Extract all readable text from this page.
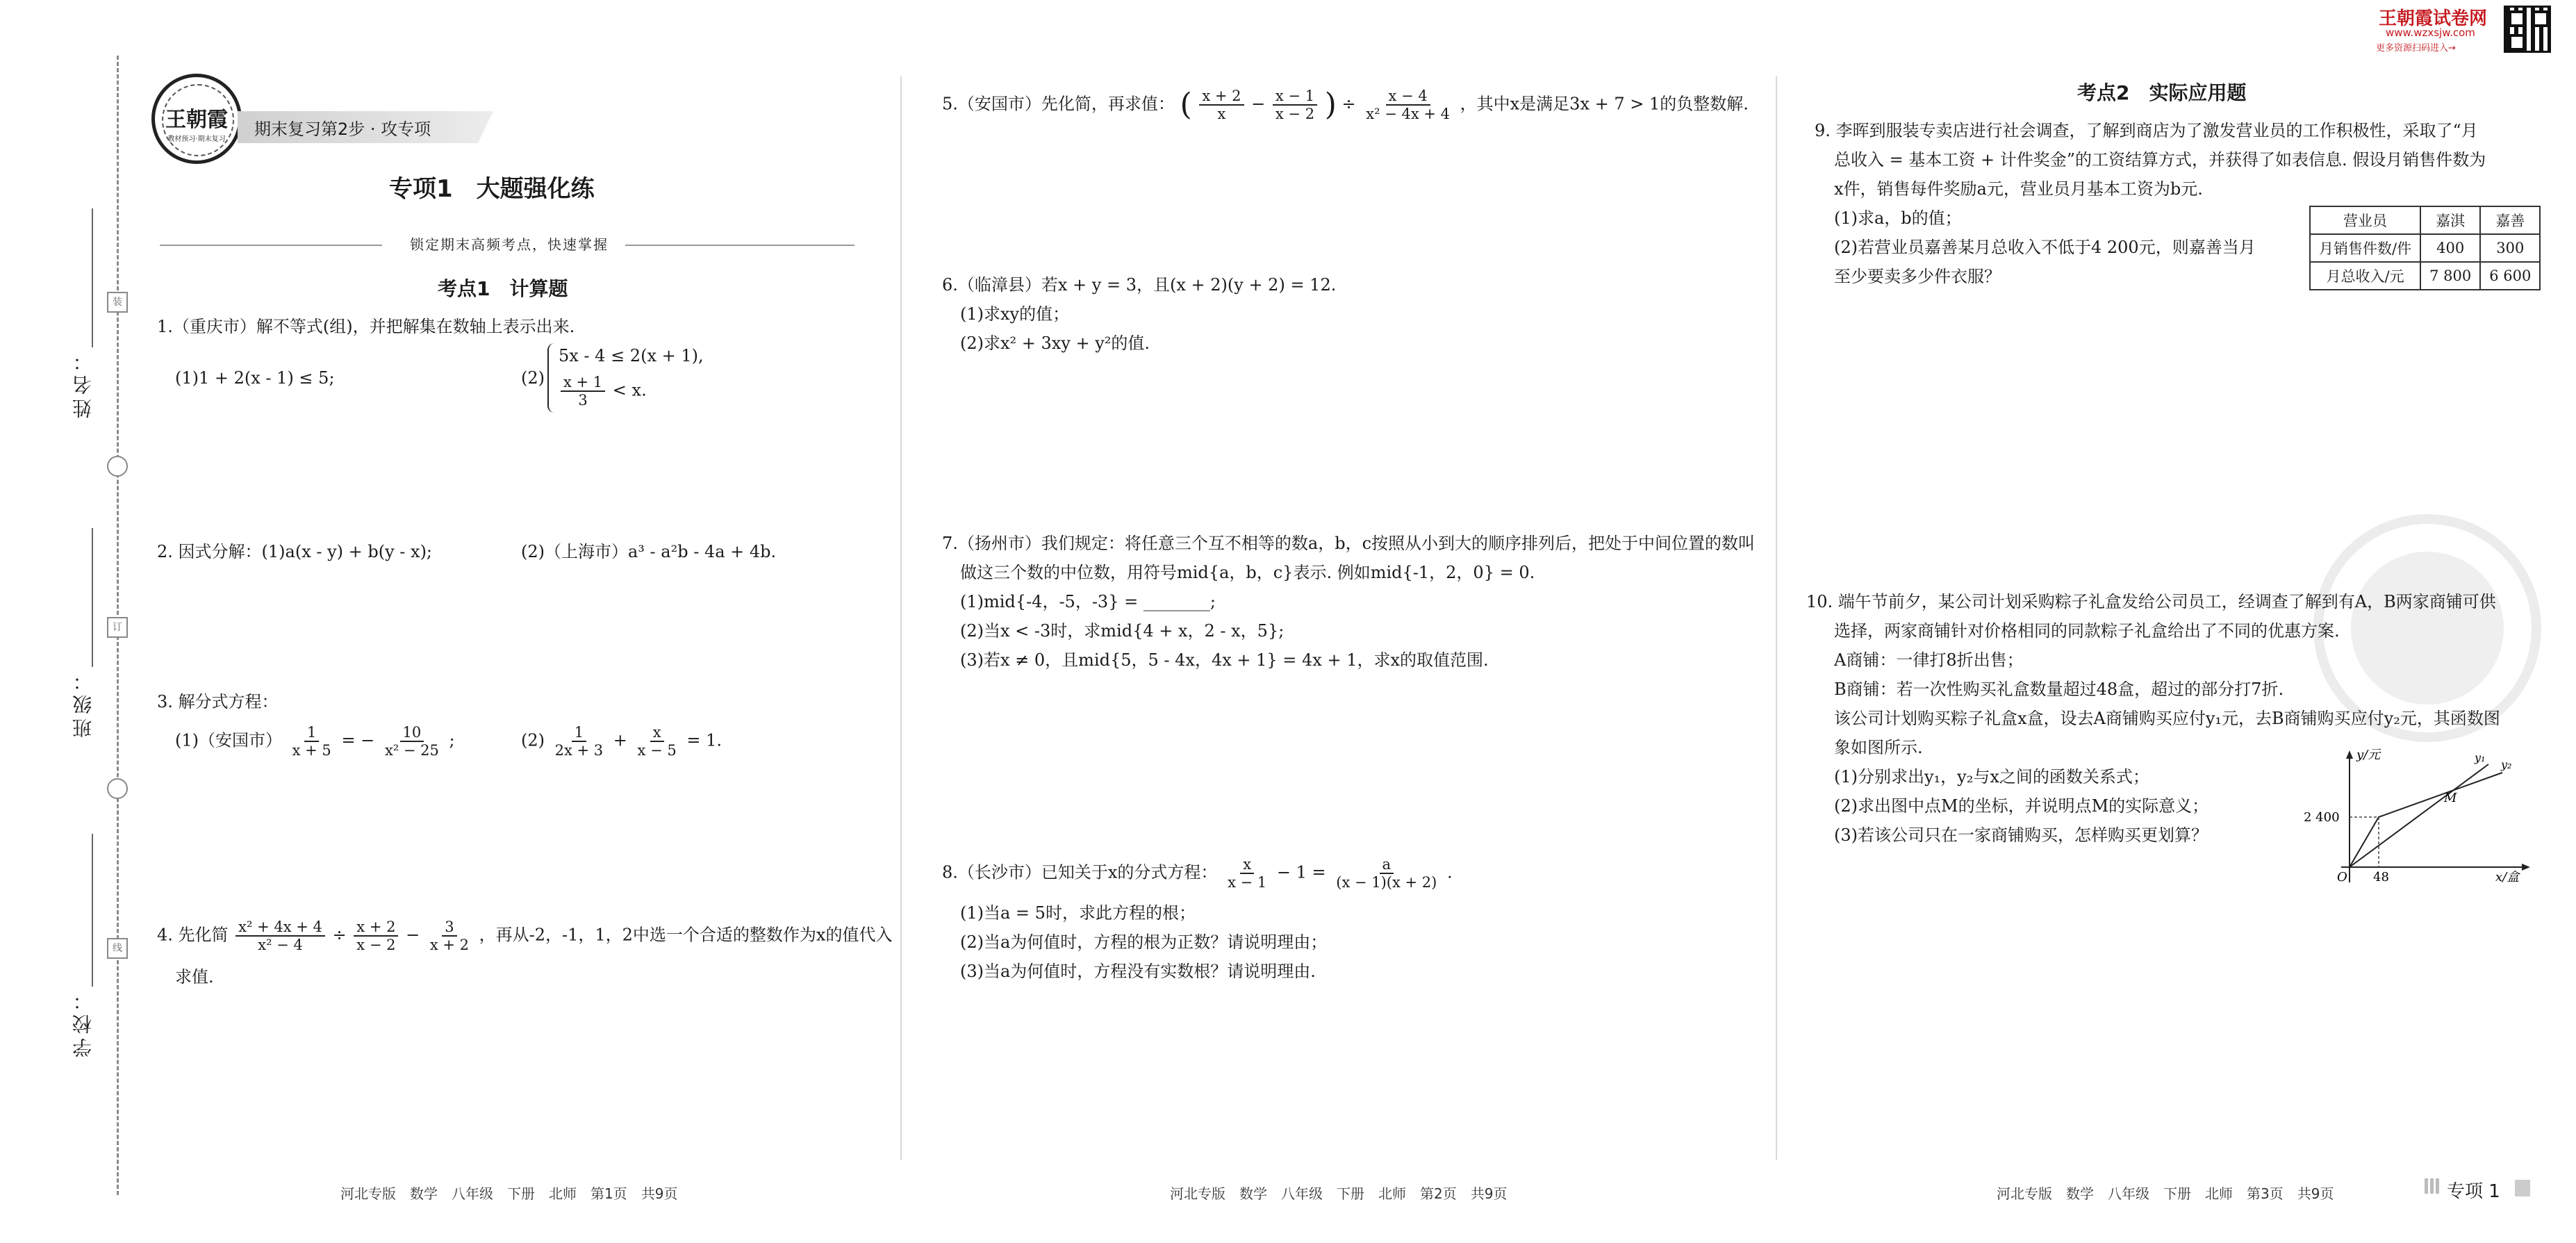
姓名：
班级：
学校：
装
订
线
王朝霞
教材预习·期末复习
期末复习第2步 · 攻专项
专项1　大题强化练
锁定期末高频考点，快速掌握
考点1　计算题
1.（重庆市）解不等式(组)，并把解集在数轴上表示出来.
(1)1 + 2(x - 1) ≤ 5;	(2)
5x - 4 ≤ 2(x + 1),
$\frac{x + 1}{3} < x$.
2. 因式分解：(1)a(x - y) + b(y - x);	(2)（上海市）a³ - a²b - 4a + 4b.
3. 解分式方程：
(1)（安国市） $\frac{1}{x + 5}$ = − $\frac{10}{\text{x² − 25}}$ ;	$(2) \frac{1}{2x + 3} + \frac{x}{x - 5} = 1$.
4. 先化简 $\frac{\text{x² + 4x + 4}}{\text{x² − 4}} \div \frac{x + 2}{x - 2} - \frac{3}{x + 2}$ ，再从-2，-1，1，2中选一个合适的整数作为x的值代入
求值.
河北专版　数学　八年级　下册　北师　第1页　共9页
5.（安国市）先化简，再求值： ( $\frac{x + 2}{x} - \frac{x - 1}{x - 2}$ ) ÷ $\frac{x - 4}{\text{x² − 4x + 4}}$ ，其中x是满足3x + 7 > 1的负整数解.
6.（临漳县）若x + y = 3，且(x + 2)(y + 2) = 12.
(1)求xy的值；
(2)求x² + 3xy + y²的值.
7.（扬州市）我们规定：将任意三个互不相等的数a，b，c按照从小到大的顺序排列后，把处于中间位置的数叫
做这三个数的中位数，用符号mid{a，b，c}表示. 例如mid{-1，2，0} = 0.
(1)mid{-4，-5，-3} = ________;
(2)当x < -3时，求mid{4 + x，2 - x，5};
(3)若x ≠ 0，且mid{5，5 - 4x，4x + 1} = 4x + 1，求x的取值范围.
8.（长沙市）已知关于x的分式方程： $\frac{x}{x - 1} - 1 = \frac{a}{(x - 1)(x + 2)}$ .
(1)当a = 5时，求此方程的根；
(2)当a为何值时，方程的根为正数？请说明理由；
(3)当a为何值时，方程没有实数根？请说明理由.
河北专版　数学　八年级　下册　北师　第2页　共9页
王朝霞试卷网
www.wzxsjw.com
更多资源扫码进入→
考点2　实际应用题
9. 李晖到服装专卖店进行社会调查，了解到商店为了激发营业员的工作积极性，采取了“月
总收入 = 基本工资 + 计件奖金”的工资结算方式，并获得了如表信息. 假设月销售件数为
x件，销售每件奖励a元，营业员月基本工资为b元.
(1)求a，b的值；
(2)若营业员嘉善某月总收入不低于4 200元，则嘉善当月
至少要卖多少件衣服？
营业员	嘉淇	嘉善
月销售件数/件	400	300
月总收入/元	7 800	6 600
10. 端午节前夕，某公司计划采购粽子礼盒发给公司员工，经调查了解到有A，B两家商铺可供
选择，两家商铺针对价格相同的同款粽子礼盒给出了不同的优惠方案.
A商铺：一律打8折出售；
B商铺：若一次性购买礼盒数量超过48盒，超过的部分打7折.
该公司计划购买粽子礼盒x盒，设去A商铺购买应付y₁元，去B商铺购买应付y₂元，其函数图
象如图所示.
(1)分别求出y₁，y₂与x之间的函数关系式；
(2)求出图中点M的坐标，并说明点M的实际意义；
(3)若该公司只在一家商铺购买，怎样购买更划算？
y/元
x/盒
O
2 400
48
y₁
y₂
M
河北专版　数学　八年级　下册　北师　第3页　共9页	专项 1
